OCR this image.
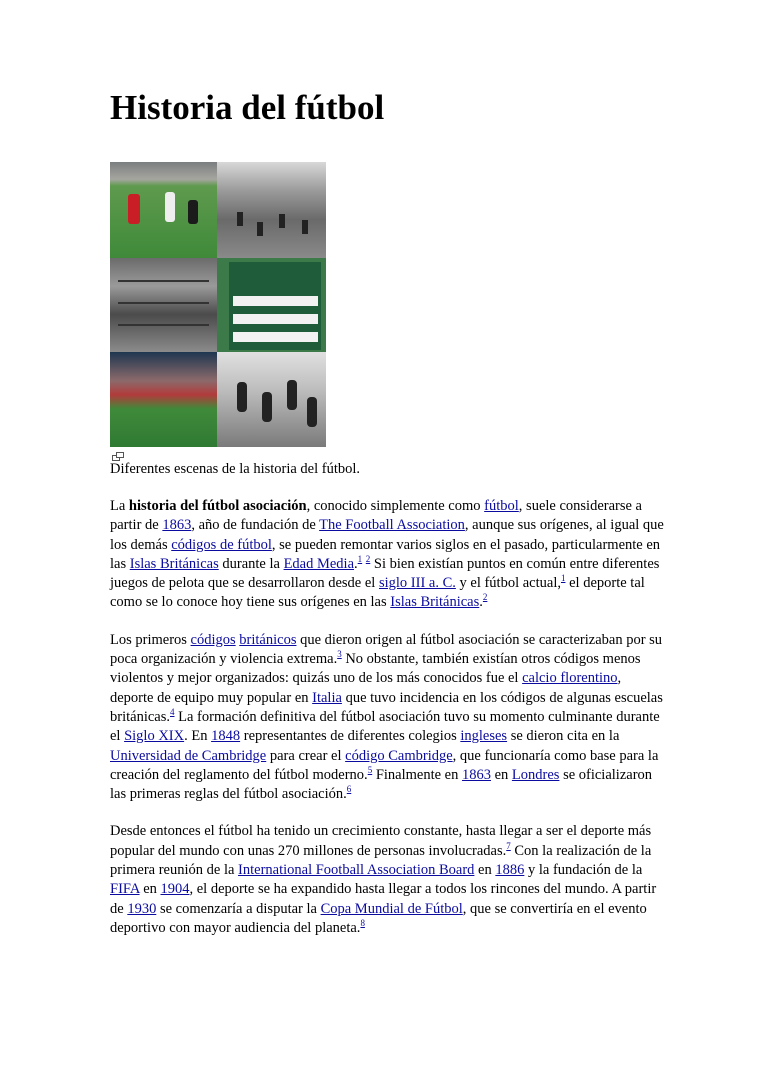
Historia del fútbol
Diferentes escenas de la historia del fútbol.

La historia del fútbol asociación, conocido simplemente como fútbol, suele considerarse a partir de 1863, año de fundación de The Football Association, aunque sus orígenes, al igual que los demás códigos de fútbol, se pueden remontar varios siglos en el pasado, particularmente en las Islas Británicas durante la Edad Media.$^1$ $^2$ Si bien existían puntos en común entre diferentes juegos de pelota que se desarrollaron desde el siglo III a. C. y el fútbol actual,$^1$ el deporte tal como se lo conoce hoy tiene sus orígenes en las Islas Británicas.$^2$

Los primeros códigos británicos que dieron origen al fútbol asociación se caracterizaban por su poca organización y violencia extrema.$^3$ No obstante, también existían otros códigos menos violentos y mejor organizados: quizás uno de los más conocidos fue el calcio florentino, deporte de equipo muy popular en Italia que tuvo incidencia en los códigos de algunas escuelas británicas.$^4$ La formación definitiva del fútbol asociación tuvo su momento culminante durante el Siglo XIX. En 1848 representantes de diferentes colegios ingleses se dieron cita en la Universidad de Cambridge para crear el código Cambridge, que funcionaría como base para la creación del reglamento del fútbol moderno.$^5$ Finalmente en 1863 en Londres se oficializaron las primeras reglas del fútbol asociación.$^6$

Desde entonces el fútbol ha tenido un crecimiento constante, hasta llegar a ser el deporte más popular del mundo con unas 270 millones de personas involucradas.$^7$ Con la realización de la primera reunión de la International Football Association Board en 1886 y la fundación de la FIFA en 1904, el deporte se ha expandido hasta llegar a todos los rincones del mundo. A partir de 1930 se comenzaría a disputar la Copa Mundial de Fútbol, que se convertiría en el evento deportivo con mayor audiencia del planeta.$^8$
